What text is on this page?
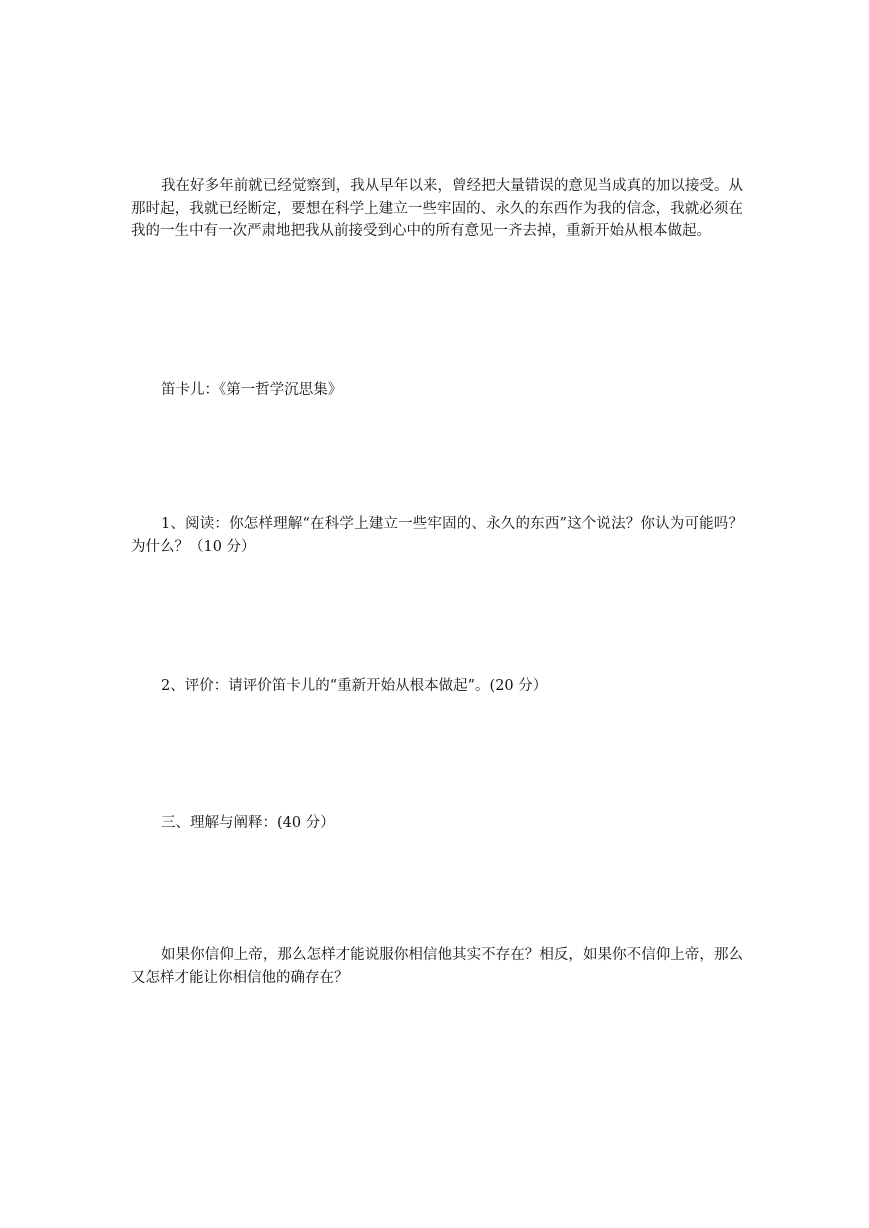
我在好多年前就已经觉察到，我从早年以来，曾经把大量错误的意见当成真的加以接受。从那时起，我就已经断定，要想在科学上建立一些牢固的、永久的东西作为我的信念，我就必须在我的一生中有一次严肃地把我从前接受到心中的所有意见一齐去掉，重新开始从根本做起。

笛卡儿：《第一哲学沉思集》

1、阅读：你怎样理解“在科学上建立一些牢固的、永久的东西”这个说法？你认为可能吗？为什么？（10 分）

2、评价：请评价笛卡儿的“重新开始从根本做起”。(20 分）

三、理解与阐释：(40 分）

如果你信仰上帝，那么怎样才能说服你相信他其实不存在？相反，如果你不信仰上帝，那么又怎样才能让你相信他的确存在？
